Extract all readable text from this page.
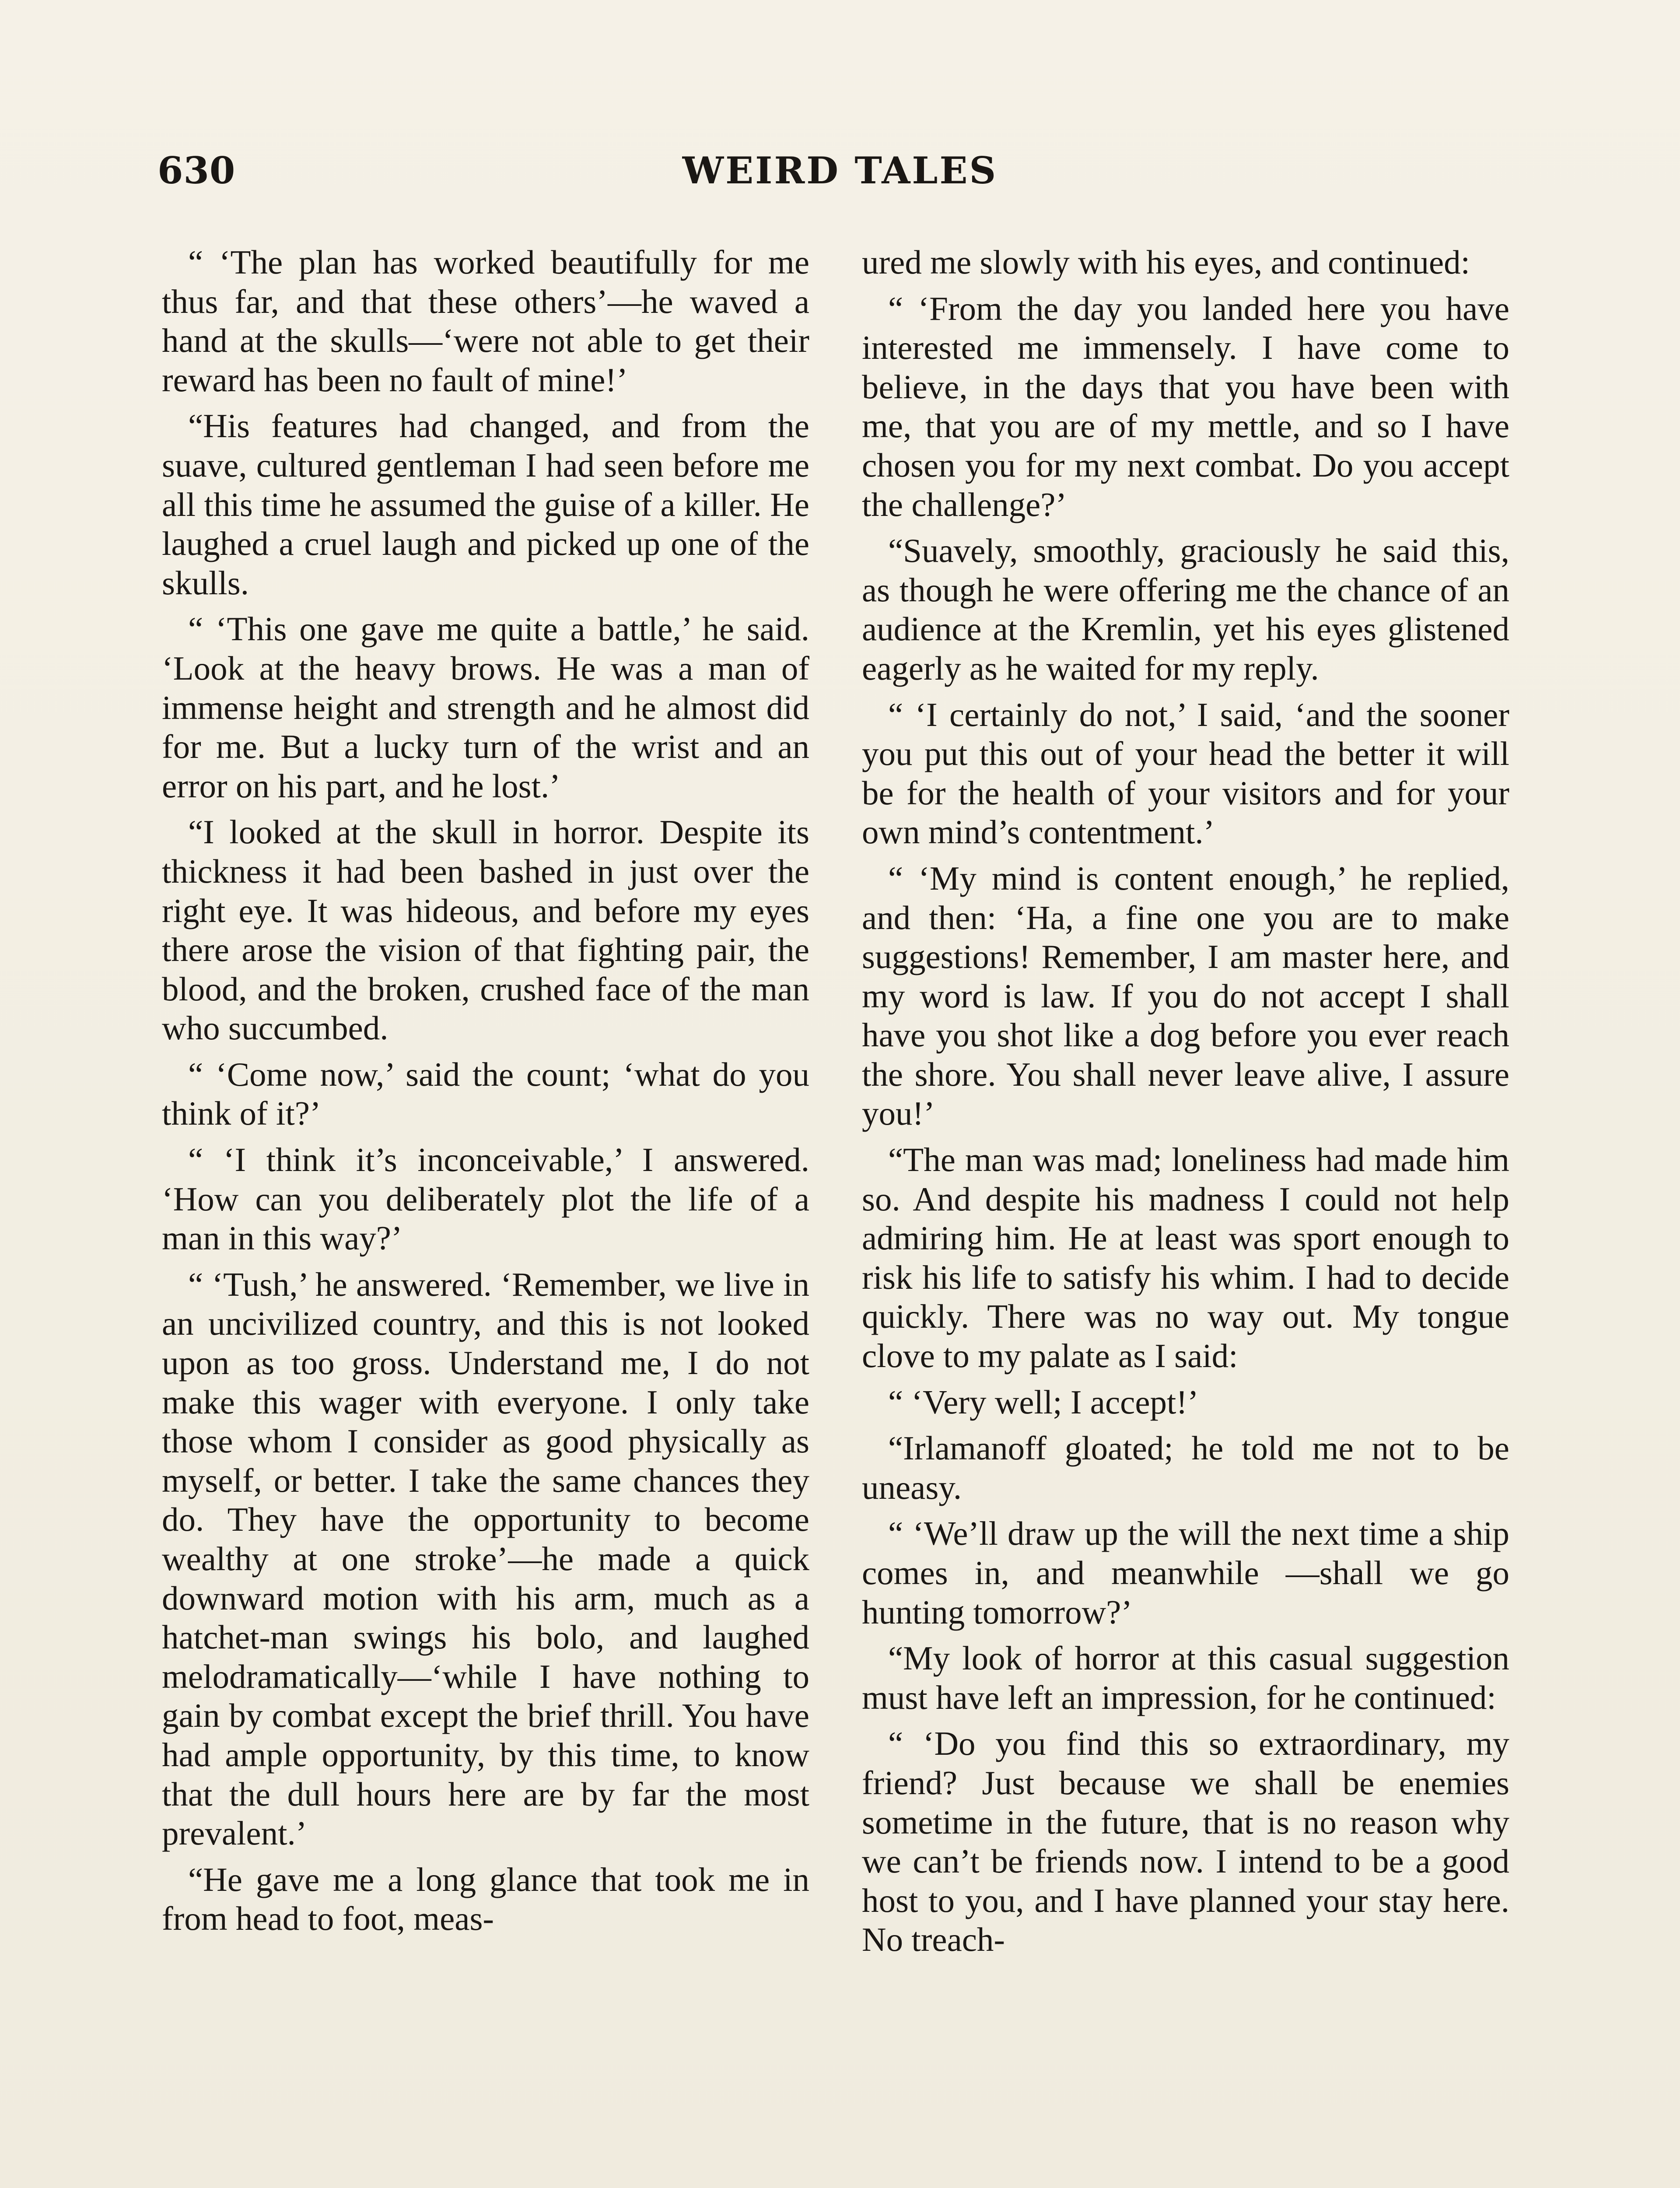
630	WEIRD TALES

“ ‘The plan has worked beautifully for me thus far, and that these others’—he waved a hand at the skulls—‘were not able to get their reward has been no fault of mine!’

“His features had changed, and from the suave, cultured gentleman I had seen before me all this time he assumed the guise of a killer. He laughed a cruel laugh and picked up one of the skulls.

“ ‘This one gave me quite a battle,’ he said. ‘Look at the heavy brows. He was a man of immense height and strength and he almost did for me. But a lucky turn of the wrist and an error on his part, and he lost.’

“I looked at the skull in horror. Despite its thickness it had been bashed in just over the right eye. It was hideous, and before my eyes there arose the vision of that fighting pair, the blood, and the broken, crushed face of the man who succumbed.

“ ‘Come now,’ said the count; ‘what do you think of it?’

“ ‘I think it’s inconceivable,’ I answered. ‘How can you deliberately plot the life of a man in this way?’

“ ‘Tush,’ he answered. ‘Remember, we live in an uncivilized country, and this is not looked upon as too gross. Understand me, I do not make this wager with everyone. I only take those whom I consider as good physically as myself, or better. I take the same chances they do. They have the opportunity to become wealthy at one stroke’—he made a quick downward motion with his arm, much as a hatchet-man swings his bolo, and laughed melodramatically—‘while I have nothing to gain by combat except the brief thrill. You have had ample opportunity, by this time, to know that the dull hours here are by far the most prevalent.’

“He gave me a long glance that took me in from head to foot, meas-

ured me slowly with his eyes, and continued:

“ ‘From the day you landed here you have interested me immensely. I have come to believe, in the days that you have been with me, that you are of my mettle, and so I have chosen you for my next combat. Do you accept the challenge?’

“Suavely, smoothly, graciously he said this, as though he were offering me the chance of an audience at the Kremlin, yet his eyes glistened eagerly as he waited for my reply.

“ ‘I certainly do not,’ I said, ‘and the sooner you put this out of your head the better it will be for the health of your visitors and for your own mind’s contentment.’

“ ‘My mind is content enough,’ he replied, and then: ‘Ha, a fine one you are to make suggestions! Remember, I am master here, and my word is law. If you do not accept I shall have you shot like a dog before you ever reach the shore. You shall never leave alive, I assure you!’

“The man was mad; loneliness had made him so. And despite his madness I could not help admiring him. He at least was sport enough to risk his life to satisfy his whim. I had to decide quickly. There was no way out. My tongue clove to my palate as I said:

“ ‘Very well; I accept!’

“Irlamanoff gloated; he told me not to be uneasy.

“ ‘We’ll draw up the will the next time a ship comes in, and meanwhile —shall we go hunting tomorrow?’

“My look of horror at this casual suggestion must have left an impression, for he continued:

“ ‘Do you find this so extraordinary, my friend? Just because we shall be enemies sometime in the future, that is no reason why we can’t be friends now. I intend to be a good host to you, and I have planned your stay here. No treach-
